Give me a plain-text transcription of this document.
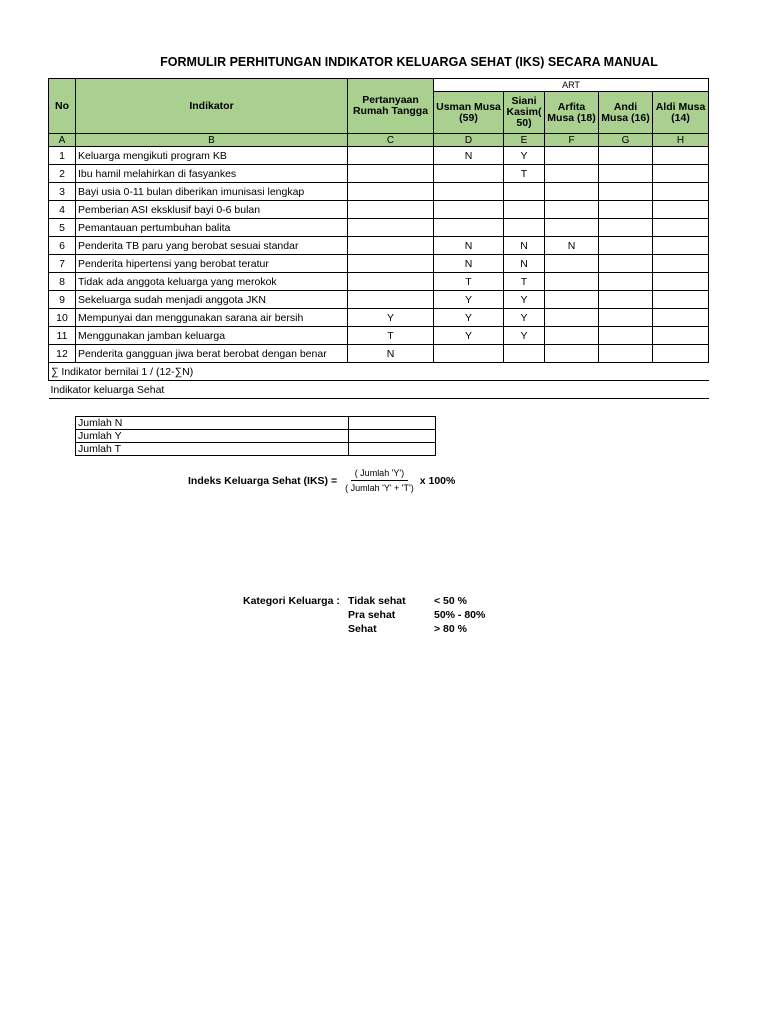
FORMULIR PERHITUNGAN INDIKATOR KELUARGA SEHAT (IKS) SECARA MANUAL
No	Indikator	Pertanyaan Rumah Tangga	ART				
			Usman Musa (59)	Siani Kasim( 50)	Arfita Musa (18)	Andi Musa (16)	Aldi Musa (14)
A	B	C	D	E	F	G	H
1	Keluarga mengikuti program KB		N	Y			
2	Ibu hamil melahirkan di fasyankes			T			
3	Bayi usia 0-11 bulan diberikan imunisasi lengkap						
4	Pemberian ASI eksklusif bayi 0-6 bulan						
5	Pemantauan pertumbuhan balita						
6	Penderita TB paru yang berobat sesuai standar		N	N	N		
7	Penderita hipertensi yang berobat teratur		N	N			
8	Tidak ada anggota keluarga yang merokok		T	T			
9	Sekeluarga sudah menjadi anggota JKN		Y	Y			
10	Mempunyai dan menggunakan sarana air bersih	Y	Y	Y			
11	Menggunakan jamban keluarga	T	Y	Y			
12	Penderita gangguan jiwa berat berobat dengan benar	N					
∑ Indikator bernilai 1 / (12-∑N)							
Indikator keluarga Sehat							
Jumlah N	
Jumlah Y	
Jumlah T	
Indeks Keluarga Sehat $(IKS) = \frac{\text{( Jumlah 'Y')}}{\text{( Jumlah 'Y' + 'T')}}$ x 100%
Kategori Keluarga : Tidak sehat	< 50 %
Pra sehat	50% - 80%
Sehat	> 80 %
